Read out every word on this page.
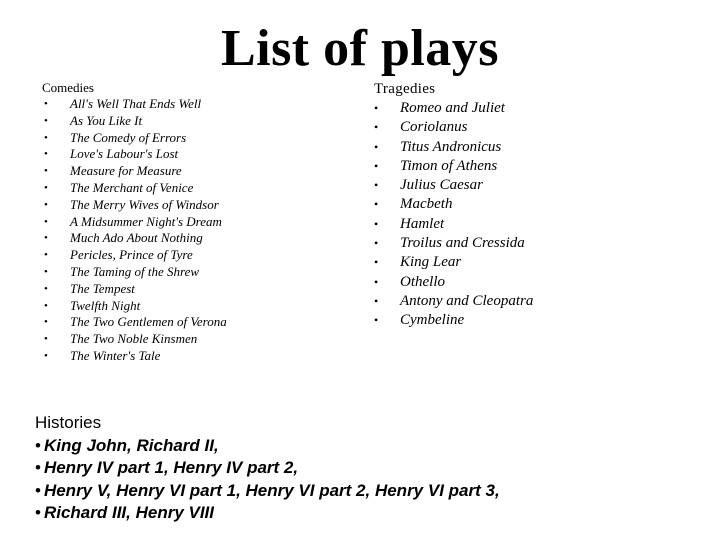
List of plays
Comedies
• All's Well That Ends Well
• As You Like It
• The Comedy of Errors
• Love's Labour's Lost
• Measure for Measure
• The Merchant of Venice
• The Merry Wives of Windsor
• A Midsummer Night's Dream
• Much Ado About Nothing
• Pericles, Prince of Tyre
• The Taming of the Shrew
• The Tempest
• Twelfth Night
• The Two Gentlemen of Verona
• The Two Noble Kinsmen
• The Winter's Tale
Tragedies
• Romeo and Juliet
• Coriolanus
• Titus Andronicus
• Timon of Athens
• Julius Caesar
• Macbeth
• Hamlet
• Troilus and Cressida
• King Lear
• Othello
• Antony and Cleopatra
• Cymbeline
Histories
• King John, Richard II,
• Henry IV part 1, Henry IV part 2,
• Henry V, Henry VI part 1, Henry VI part 2, Henry VI part 3,
• Richard III, Henry VIII
